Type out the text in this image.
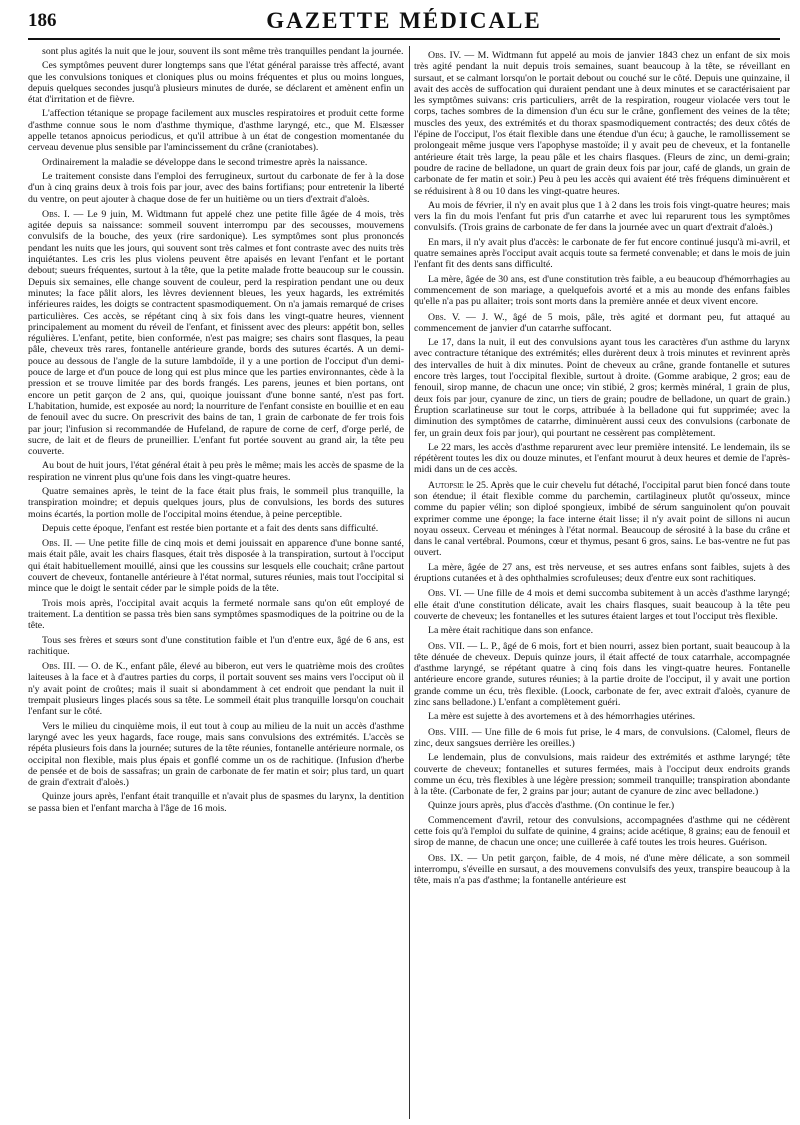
186	GAZETTE MÉDICALE

sont plus agités la nuit que le jour, souvent ils sont même très tranquilles pendant la journée.

Ces symptômes peuvent durer longtemps sans que l'état général paraisse très affecté, avant que les convulsions toniques et cloniques plus ou moins fréquentes et plus ou moins longues, depuis quelques secondes jusqu'à plusieurs minutes de durée, se déclarent et amènent enfin un état d'irritation et de fièvre.

L'affection tétanique se propage facilement aux muscles respiratoires et produit cette forme d'asthme connue sous le nom d'asthme thymique, d'asthme laryngé, etc., que M. Elsæsser appelle tetanos apnoicus periodicus, et qu'il attribue à un état de congestion momentanée du cerveau devenue plus sensible par l'amincissement du crâne (craniotabes).

Ordinairement la maladie se développe dans le second trimestre après la naissance.

Le traitement consiste dans l'emploi des ferrugineux, surtout du carbonate de fer à la dose d'un à cinq grains deux à trois fois par jour, avec des bains fortifians; pour entretenir la liberté du ventre, on peut ajouter à chaque dose de fer un huitième ou un tiers d'extrait d'aloès.

Obs. I. — Le 9 juin, M. Widtmann fut appelé chez une petite fille âgée de 4 mois, très agitée depuis sa naissance: sommeil souvent interrompu par des secousses, mouvemens convulsifs de la bouche, des yeux (rire sardonique). Les symptômes sont plus prononcés pendant les nuits que les jours, qui souvent sont très calmes et font contraste avec des nuits très inquiétantes. Les cris les plus violens peuvent être apaisés en levant l'enfant et le portant debout; sueurs fréquentes, surtout à la tête, que la petite malade frotte beaucoup sur le coussin. Depuis six semaines, elle change souvent de couleur, perd la respiration pendant une ou deux minutes; la face pâlit alors, les lèvres deviennent bleues, les yeux hagards, les extrémités inférieures raides, les doigts se contractent spasmodiquement. On n'a jamais remarqué de crises particulières. Ces accès, se répétant cinq à six fois dans les vingt-quatre heures, viennent principalement au moment du réveil de l'enfant, et finissent avec des pleurs: appétit bon, selles régulières. L'enfant, petite, bien conformée, n'est pas maigre; ses chairs sont flasques, la peau pâle, cheveux très rares, fontanelle antérieure grande, bords des sutures écartés. A un demi-pouce au dessous de l'angle de la suture lambdoïde, il y a une portion de l'occiput d'un demi-pouce de large et d'un pouce de long qui est plus mince que les parties environnantes, cède à la pression et se trouve limitée par des bords frangés. Les parens, jeunes et bien portans, ont encore un petit garçon de 2 ans, qui, quoique jouissant d'une bonne santé, n'est pas fort. L'habitation, humide, est exposée au nord; la nourriture de l'enfant consiste en bouillie et en eau de fenouil avec du sucre. On prescrivit des bains de tan, 1 grain de carbonate de fer trois fois par jour; l'infusion si recommandée de Hufeland, de rapure de corne de cerf, d'orge perlé, de sucre, de lait et de fleurs de pruneillier. L'enfant fut portée souvent au grand air, la tête peu couverte.

Au bout de huit jours, l'état général était à peu près le même; mais les accès de spasme de la respiration ne vinrent plus qu'une fois dans les vingt-quatre heures.

Quatre semaines après, le teint de la face était plus frais, le sommeil plus tranquille, la transpiration moindre; et depuis quelques jours, plus de convulsions, les bords des sutures moins écartés, la portion molle de l'occipital moins étendue, à peine perceptible.

Depuis cette époque, l'enfant est restée bien portante et a fait des dents sans difficulté.

Obs. II. — Une petite fille de cinq mois et demi jouissait en apparence d'une bonne santé, mais était pâle, avait les chairs flasques, était très disposée à la transpiration, surtout à l'occiput qui était habituellement mouillé, ainsi que les coussins sur lesquels elle couchait; crâne partout couvert de cheveux, fontanelle antérieure à l'état normal, sutures réunies, mais tout l'occipital si mince que le doigt le sentait céder par le simple poids de la tête.

Trois mois après, l'occipital avait acquis la fermeté normale sans qu'on eût employé de traitement. La dentition se passa très bien sans symptômes spasmodiques de la poitrine ou de la tête.

Tous ses frères et sœurs sont d'une constitution faible et l'un d'entre eux, âgé de 6 ans, est rachitique.

Obs. III. — O. de K., enfant pâle, élevé au biberon, eut vers le quatrième mois des croûtes laiteuses à la face et à d'autres parties du corps, il portait souvent ses mains vers l'occiput où il n'y avait point de croûtes; mais il suait si abondamment à cet endroit que pendant la nuit il trempait plusieurs linges placés sous sa tête. Le sommeil était plus tranquille lorsqu'on couchait l'enfant sur le côté.

Vers le milieu du cinquième mois, il eut tout à coup au milieu de la nuit un accès d'asthme laryngé avec les yeux hagards, face rouge, mais sans convulsions des extrémités. L'accès se répéta plusieurs fois dans la journée; sutures de la tête réunies, fontanelle antérieure normale, os occipital non flexible, mais plus épais et gonflé comme un os de rachitique. (Infusion d'herbe de pensée et de bois de sassafras; un grain de carbonate de fer matin et soir; plus tard, un quart de grain d'extrait d'aloès.)

Quinze jours après, l'enfant était tranquille et n'avait plus de spasmes du larynx, la dentition se passa bien et l'enfant marcha à l'âge de 16 mois.

Obs. IV. — M. Widtmann fut appelé au mois de janvier 1843 chez un enfant de six mois très agité pendant la nuit depuis trois semaines, suant beaucoup à la tête, se réveillant en sursaut, et se calmant lorsqu'on le portait debout ou couché sur le côté. Depuis une quinzaine, il avait des accès de suffocation qui duraient pendant une à deux minutes et se caractérisaient par les symptômes suivans: cris particuliers, arrêt de la respiration, rougeur violacée vers tout le corps, taches sombres de la dimension d'un écu sur le crâne, gonflement des veines de la tête; muscles des yeux, des extrémités et du thorax spasmodiquement contractés; des deux côtés de l'épine de l'occiput, l'os était flexible dans une étendue d'un écu; à gauche, le ramollissement se prolongeait même jusque vers l'apophyse mastoïde; il y avait peu de cheveux, et la fontanelle antérieure était très large, la peau pâle et les chairs flasques. (Fleurs de zinc, un demi-grain; poudre de racine de belladone, un quart de grain deux fois par jour, café de glands, un grain de carbonate de fer matin et soir.) Peu à peu les accès qui avaient été très fréquens diminuèrent et se réduisirent à 8 ou 10 dans les vingt-quatre heures.

Au mois de février, il n'y en avait plus que 1 à 2 dans les trois fois vingt-quatre heures; mais vers la fin du mois l'enfant fut pris d'un catarrhe et avec lui reparurent tous les symptômes convulsifs. (Trois grains de carbonate de fer dans la journée avec un quart d'extrait d'aloès.)

En mars, il n'y avait plus d'accès: le carbonate de fer fut encore continué jusqu'à mi-avril, et quatre semaines après l'occiput avait acquis toute sa fermeté convenable; et dans le mois de juin l'enfant fit des dents sans difficulté.

La mère, âgée de 30 ans, est d'une constitution très faible, a eu beaucoup d'hémorrhagies au commencement de son mariage, a quelquefois avorté et a mis au monde des enfans faibles qu'elle n'a pas pu allaiter; trois sont morts dans la première année et deux vivent encore.

Obs. V. — J. W., âgé de 5 mois, pâle, très agité et dormant peu, fut attaqué au commencement de janvier d'un catarrhe suffocant.

Le 17, dans la nuit, il eut des convulsions ayant tous les caractères d'un asthme du larynx avec contracture tétanique des extrémités; elles durèrent deux à trois minutes et revinrent après des intervalles de huit à dix minutes. Point de cheveux au crâne, grande fontanelle et sutures encore très larges, tout l'occipital flexible, surtout à droite. (Gomme arabique, 2 gros; eau de fenouil, sirop manne, de chacun une once; vin stibié, 2 gros; kermès minéral, 1 grain de plus, deux fois par jour, cyanure de zinc, un tiers de grain; poudre de belladone, un quart de grain.) Éruption scarlatineuse sur tout le corps, attribuée à la belladone qui fut supprimée; avec la diminution des symptômes de catarrhe, diminuèrent aussi ceux des convulsions (carbonate de fer, un grain deux fois par jour), qui pourtant ne cessèrent pas complètement.

Le 22 mars, les accès d'asthme reparurent avec leur première intensité. Le lendemain, ils se répétèrent toutes les dix ou douze minutes, et l'enfant mourut à deux heures et demie de l'après-midi dans un de ces accès.

Autopsie le 25. Après que le cuir chevelu fut détaché, l'occipital parut bien foncé dans toute son étendue; il était flexible comme du parchemin, cartilagineux plutôt qu'osseux, mince comme du papier vélin; son diploé spongieux, imbibé de sérum sanguinolent qu'on pouvait exprimer comme une éponge; la face interne était lisse; il n'y avait point de sillons ni aucun noyau osseux. Cerveau et méninges à l'état normal. Beaucoup de sérosité à la base du crâne et dans le canal vertébral. Poumons, cœur et thymus, pesant 6 gros, sains. Le bas-ventre ne fut pas ouvert.

La mère, âgée de 27 ans, est très nerveuse, et ses autres enfans sont faibles, sujets à des éruptions cutanées et à des ophthalmies scrofuleuses; deux d'entre eux sont rachitiques.

Obs. VI. — Une fille de 4 mois et demi succomba subitement à un accès d'asthme laryngé; elle était d'une constitution délicate, avait les chairs flasques, suait beaucoup à la tête peu couverte de cheveux; les fontanelles et les sutures étaient larges et tout l'occiput très flexible.

La mère était rachitique dans son enfance.

Obs. VII. — L. P., âgé de 6 mois, fort et bien nourri, assez bien portant, suait beaucoup à la tête dénuée de cheveux. Depuis quinze jours, il était affecté de toux catarrhale, accompagnée d'asthme laryngé, se répétant quatre à cinq fois dans les vingt-quatre heures. Fontanelle antérieure encore grande, sutures réunies; à la partie droite de l'occiput, il y avait une portion grande comme un écu, très flexible. (Loock, carbonate de fer, avec extrait d'aloès, cyanure de zinc sans belladone.) L'enfant a complètement guéri.

La mère est sujette à des avortemens et à des hémorrhagies utérines.

Obs. VIII. — Une fille de 6 mois fut prise, le 4 mars, de convulsions. (Calomel, fleurs de zinc, deux sangsues derrière les oreilles.)

Le lendemain, plus de convulsions, mais raideur des extrémités et asthme laryngé; tête couverte de cheveux; fontanelles et sutures fermées, mais à l'occiput deux endroits grands comme un écu, très flexibles à une légère pression; sommeil tranquille; transpiration abondante à la tête. (Carbonate de fer, 2 grains par jour; autant de cyanure de zinc avec belladone.)

Quinze jours après, plus d'accès d'asthme. (On continue le fer.)

Commencement d'avril, retour des convulsions, accompagnées d'asthme qui ne cédèrent cette fois qu'à l'emploi du sulfate de quinine, 4 grains; acide acétique, 8 grains; eau de fenouil et sirop de manne, de chacun une once; une cuillerée à café toutes les trois heures. Guérison.

Obs. IX. — Un petit garçon, faible, de 4 mois, né d'une mère délicate, a son sommeil interrompu, s'éveille en sursaut, a des mouvemens convulsifs des yeux, transpire beaucoup à la tête, mais n'a pas d'asthme; la fontanelle antérieure est
